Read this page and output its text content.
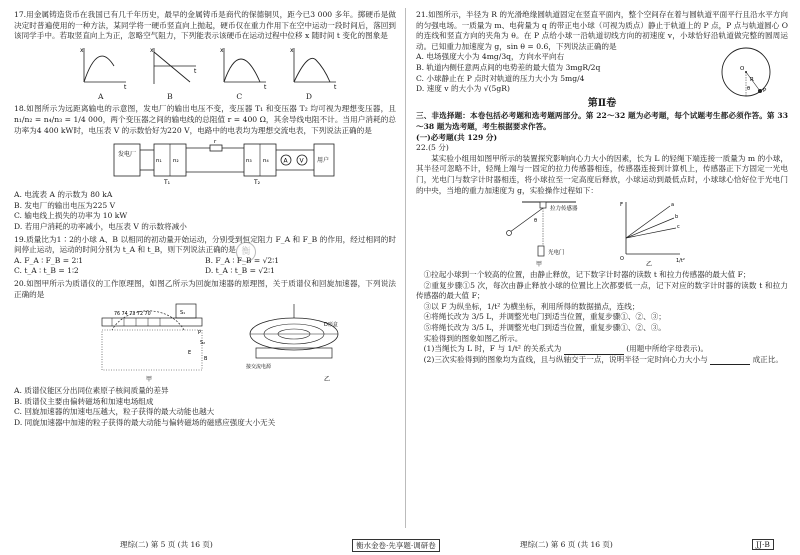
衡

17.用金属铸造货币在我国已有几千年历史，最早的金属铸币是商代的保德铜贝，距今已3 000 多年。掷硬币是做决定时普遍使用的一种方法，某同学将一硬币竖直向上抛起，硬币仅在重力作用下在空中运动一段时间后，落回到该同学手中。若取竖直向上为正，忽略空气阻力，下列能表示该硬币在运动过程中位移 x 随时间 t 变化的图象是

x
t
x
t
x
t
x
t
A	B	C	D

18.如图所示为远距离输电的示意图，发电厂的输出电压不变，变压器 T₁ 和变压器 T₂ 均可视为理想变压器，且 n₁/n₂ = n₄/n₃ = 1/4 000，两个变压器之间的输电线的总阻值 r = 400 Ω，其余导线电阻不计。当用户消耗的总功率为4 400 kW时，电压表 V 的示数恰好为220 V，电路中的电表均为理想交流电表，下列说法正确的是

发电厂
n₁ n₂
T₁
r
n₃ n₄
T₂
A V 用户

A. 电流表 A 的示数为 80 kA

B. 发电厂的输出电压为225 V

C. 输电线上损失的功率为 10 kW

D. 若用户消耗的功率减小，电压表 V 的示数将减小

19.质量比为1∶2的小球 A、B 以相同的初动量开始运动，分别受到恒定阻力 F_A 和 F_B 的作用，经过相同的时间停止运动，运动的时间分别为 t_A 和 t_B，则下列说法正确的是

A. F_A ∶ F_B = 2∶1	B. F_A ∶ F_B = √2∶1
C. t_A ∶ t_B = 1∶2	D. t_A ∶ t_B = √2∶1

20.如图甲所示为质谱仪的工作原理图，如图乙所示为回旋加速器的原理图，关于质谱仪和回旋加速器，下列说法正确的是

76 74 73 72 70	S₁
P
S₂
B
E
甲
接交流电源
D形盒
乙

A. 质谱仪能区分出同位素原子核间质量的差异

B. 质谱仪主要由偏转磁场和加速电场组成

C. 回旋加速器的加速电压越大，粒子获得的最大动能也越大

D. 同旋加速器中加速的粒子获得的最大动能与偏转磁场的磁感应强度大小无关

21.如图所示，半径为 R 的光滑绝缘圆轨道固定在竖直平面内，整个空间存在着与圆轨道平面平行且沿水平方向的匀强电场。一质量为 m、电荷量为 q 的带正电小球（可视为质点）静止于轨道上的 P 点，P 点与轨道圆心 O 的连线和竖直方向的夹角为 θ。在 P 点给小球一沿轨道切线方向的初速度 v，小球恰好沿轨道做完整的圆周运动。已知重力加速度为 g，sin θ = 0.6，下列说法正确的是

A. 电场强度大小为 4mg/3q，方向水平向右

B. 轨道内侧任意两点间的电势差的最大值为 3mgR/2q

C. 小球静止在 P 点时对轨道的压力大小为 5mg/4

D. 速度 v 的大小为 √(5gR)

O
R
θ P
第Ⅱ卷

三、非选择题：本卷包括必考题和选考题两部分。第 22～32 题为必考题，每个试题考生都必须作答。第 33～38 题为选考题，考生根据要求作答。

(一)必考题(共 129 分)

22.(5 分)

某实验小组用如图甲所示的装置探究影响向心力大小的因素，长为 L 的轻绳下端连接一质量为 m 的小球，其半径可忽略不计，轻绳上端与一固定的拉力传感器相连，传感器连接到计算机上，传感器正下方固定一光电门，光电门与数字计时器相连，将小球拉至一定高度后释放，小球运动到最低点时，小球球心恰好位于光电门的中央，当地的重力加速度为 g，实验操作过程如下：

拉力传感器
θ
光电门
甲
F
1/t²
O
a
b
c
乙

①拉起小球到一个较高的位置，由静止释放，记下数字计时器的读数 t 和拉力传感器的最大值 F；

②重复步骤①5 次，每次由静止释放小球的位置比上次都要低一点，记下对应的数字计时器的读数 t 和拉力传感器的最大值 F；

③以 F 为纵坐标，1/t² 为横坐标，利用所得的数据描点，连线；

④将绳长改为 3/5 L，并调整光电门到适当位置，重复步骤①、②、③；

⑤将绳长改为 3/5 L，并调整光电门到适当位置，重复步骤①、②、③。

实验得到的图象如图乙所示。

(1)当绳长为 L 时，F 与 1/t² 的关系式为	(用题中所给字母表示)。

(2)三次实验得到的图象均为直线，且与纵轴交于一点，说明半径一定时向心力大小与	成正比。

理综(二) 第 5 页 (共 16 页)	衡水金卷·先享题·调研卷	理综(二) 第 6 页 (共 16 页)	JJ·B
